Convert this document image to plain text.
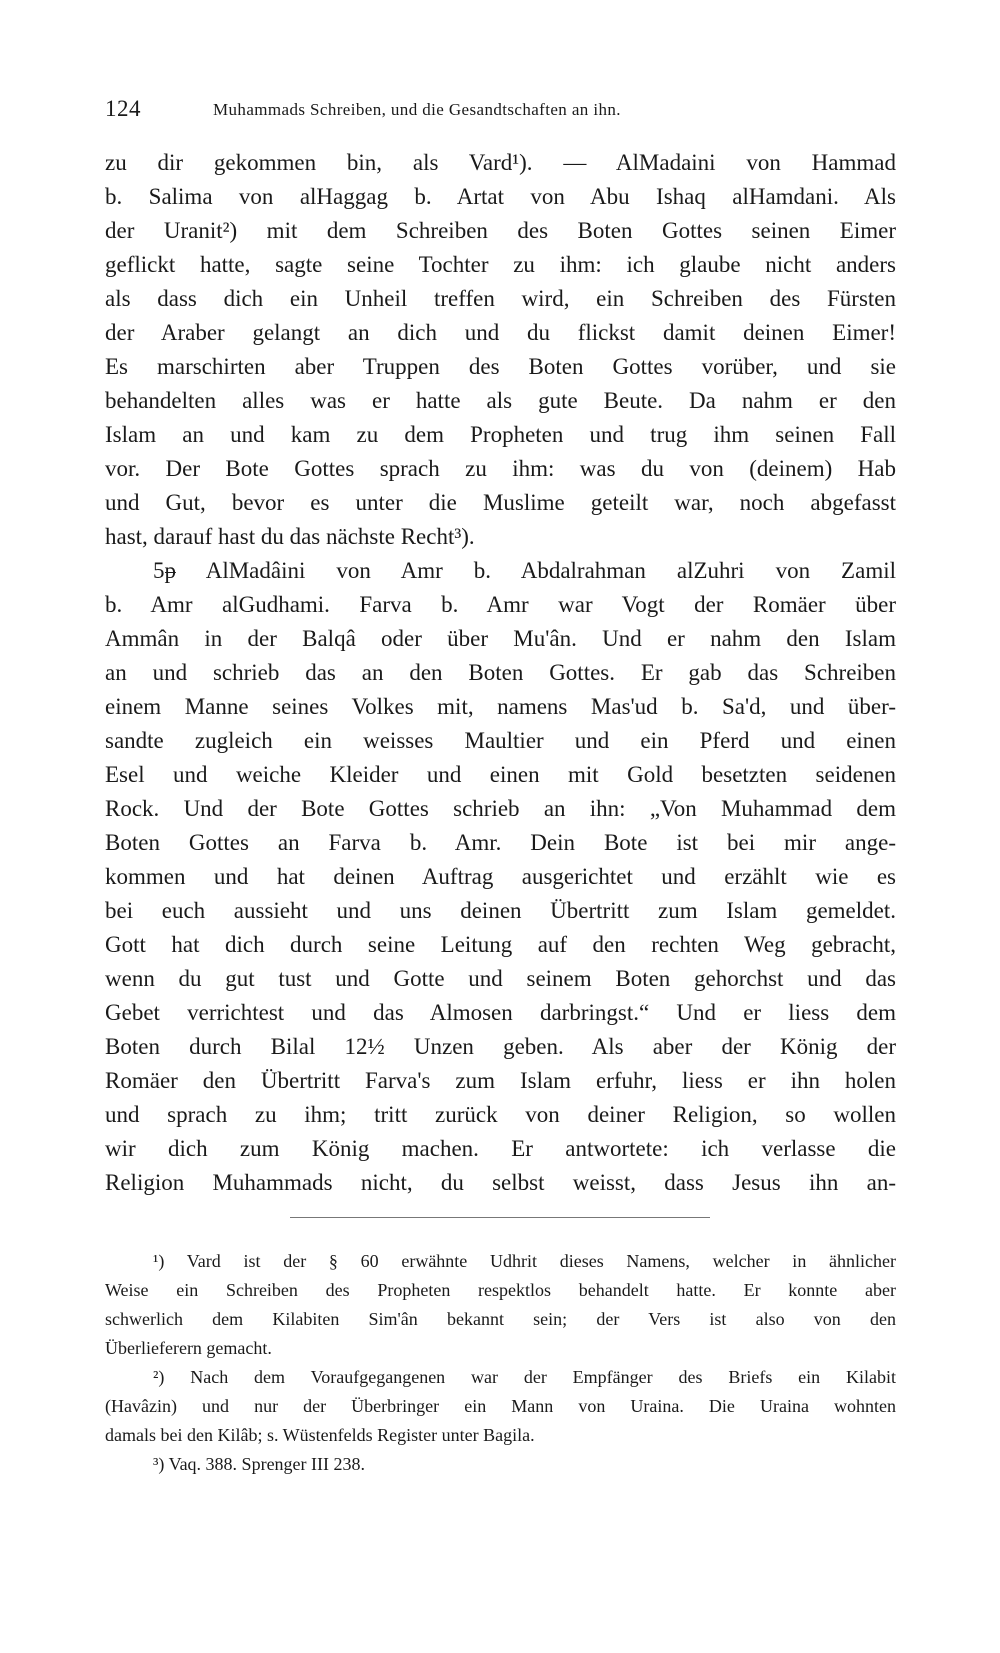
124	Muhammads Schreiben, und die Gesandtschaften an ihn.
zu dir gekommen bin, als Vard¹). — AlMadaini von Hammad
b. Salima von alHaggag b. Artat von Abu Ishaq alHamdani. Als
der Uranit²) mit dem Schreiben des Boten Gottes seinen Eimer
geflickt hatte, sagte seine Tochter zu ihm: ich glaube nicht anders
als dass dich ein Unheil treffen wird, ein Schreiben des Fürsten
der Araber gelangt an dich und du flickst damit deinen Eimer!
Es marschirten aber Truppen des Boten Gottes vorüber, und sie
behandelten alles was er hatte als gute Beute. Da nahm er den
Islam an und kam zu dem Propheten und trug ihm seinen Fall
vor. Der Bote Gottes sprach zu ihm: was du von (deinem) Hab
und Gut, bevor es unter die Muslime geteilt war, noch abgefasst
hast, darauf hast du das nächste Recht³).
5ᵽ AlMadâini von Amr b. Abdalrahman alZuhri von Zamil
b. Amr alGudhami. Farva b. Amr war Vogt der Romäer über
Ammân in der Balqâ oder über Mu'ân. Und er nahm den Islam
an und schrieb das an den Boten Gottes. Er gab das Schreiben
einem Manne seines Volkes mit, namens Mas'ud b. Sa'd, und über-
sandte zugleich ein weisses Maultier und ein Pferd und einen
Esel und weiche Kleider und einen mit Gold besetzten seidenen
Rock. Und der Bote Gottes schrieb an ihn: „Von Muhammad dem
Boten Gottes an Farva b. Amr. Dein Bote ist bei mir ange-
kommen und hat deinen Auftrag ausgerichtet und erzählt wie es
bei euch aussieht und uns deinen Übertritt zum Islam gemeldet.
Gott hat dich durch seine Leitung auf den rechten Weg gebracht,
wenn du gut tust und Gotte und seinem Boten gehorchst und das
Gebet verrichtest und das Almosen darbringst.“ Und er liess dem
Boten durch Bilal 12½ Unzen geben. Als aber der König der
Romäer den Übertritt Farva's zum Islam erfuhr, liess er ihn holen
und sprach zu ihm; tritt zurück von deiner Religion, so wollen
wir dich zum König machen. Er antwortete: ich verlasse die
Religion Muhammads nicht, du selbst weisst, dass Jesus ihn an-
¹) Vard ist der § 60 erwähnte Udhrit dieses Namens, welcher in ähnlicher
Weise ein Schreiben des Propheten respektlos behandelt hatte. Er konnte aber
schwerlich dem Kilabiten Sim'ân bekannt sein; der Vers ist also von den
Überlieferern gemacht.
²) Nach dem Voraufgegangenen war der Empfänger des Briefs ein Kilabit
(Havâzin) und nur der Überbringer ein Mann von Uraina. Die Uraina wohnten
damals bei den Kilâb; s. Wüstenfelds Register unter Bagila.
³) Vaq. 388. Sprenger III 238.
